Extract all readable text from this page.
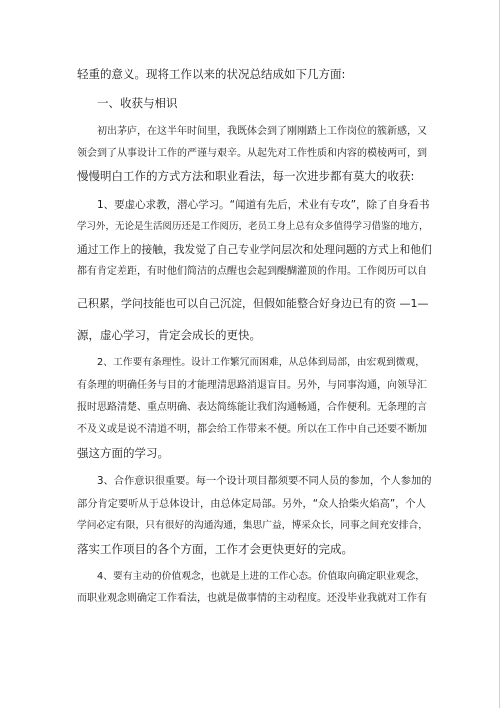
轻重的意义。现将工作以来的状况总结成如下几方面:
一、收获与相识
初出茅庐，在这半年时间里，我既体会到了刚刚踏上工作岗位的簇新感，又
领会到了从事设计工作的严谨与艰辛。从起先对工作性质和内容的模棱两可，到
慢慢明白工作的方式方法和职业看法，每一次进步都有莫大的收获:
1、要虚心求教，潜心学习。“闻道有先后，术业有专攻”，除了自身看书
学习外，无论是生活阅历还是工作阅历，老员工身上总有众多值得学习借鉴的地方，
通过工作上的接触，我发觉了自己专业学问层次和处理问题的方式上和他们
都有肯定差距，有时他们简洁的点醒也会起到醍醐灌顶的作用。工作阅历可以自
己积累，学问技能也可以自己沉淀，但假如能整合好身边已有的资 —1—
源，虚心学习，肯定会成长的更快。
2、工作要有条理性。设计工作繁冗而困难，从总体到局部，由宏观到微观，
有条理的明确任务与目的才能理清思路消退盲目。另外，与同事沟通，向领导汇
报时思路清楚、重点明确、表达简练能让我们沟通畅通，合作便利。无条理的言
不及义或是说不清道不明，都会给工作带来不便。所以在工作中自己还要不断加
强这方面的学习。
3、合作意识很重要。每一个设计项目都须要不同人员的参加，个人参加的
部分肯定要听从于总体设计，由总体定局部。另外，“众人拾柴火焰高”，个人
学问必定有限，只有很好的沟通沟通，集思广益，博采众长，同事之间充安排合，
落实工作项目的各个方面，工作才会更快更好的完成。
4、要有主动的价值观念，也就是上进的工作心态。价值取向确定职业观念，
而职业观念则确定工作看法，也就是做事情的主动程度。还没毕业我就对工作有
